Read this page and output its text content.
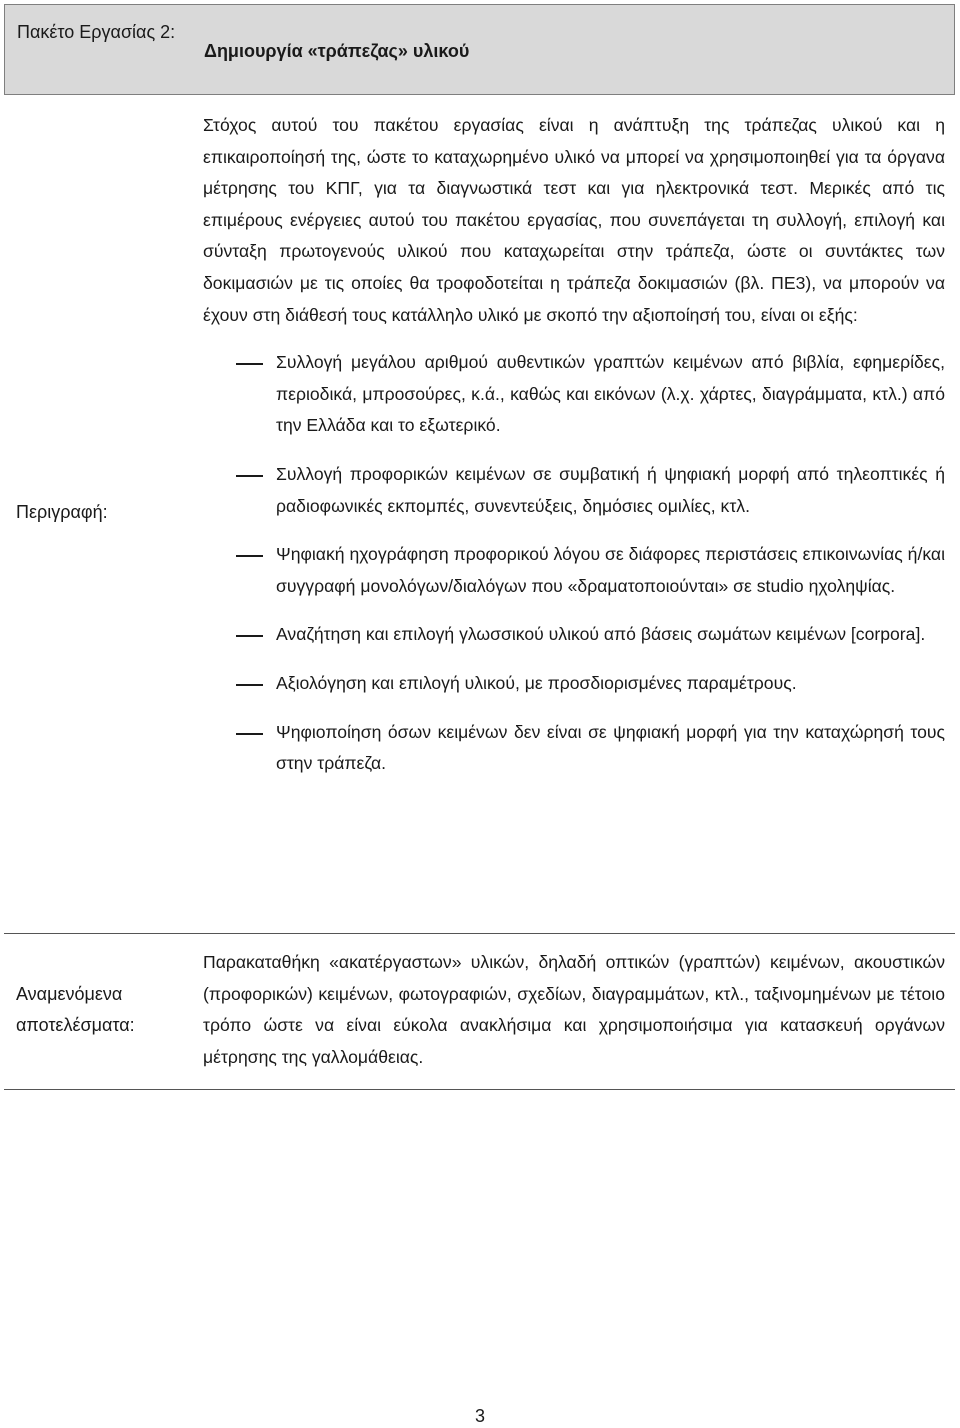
Πακέτο Εργασίας 2:
Δημιουργία «τράπεζας» υλικού
Περιγραφή:

Στόχος αυτού του πακέτου εργασίας είναι η ανάπτυξη της τράπεζας υλικού και η επικαιροποίησή της, ώστε το καταχωρημένο υλικό να μπορεί να χρησιμοποιηθεί για τα όργανα μέτρησης του ΚΠΓ, για τα διαγνωστικά τεστ και για ηλεκτρονικά τεστ. Μερικές από τις επιμέρους ενέργειες αυτού του πακέτου εργασίας, που συνεπάγεται τη συλλογή, επιλογή και σύνταξη πρωτογενούς υλικού που καταχωρείται στην τράπεζα, ώστε οι συντάκτες των δοκιμασιών με τις οποίες θα τροφοδοτείται η τράπεζα δοκιμασιών (βλ. ΠΕ3), να μπορούν να έχουν στη διάθεσή τους κατάλληλο υλικό με σκοπό την αξιοποίησή του, είναι οι εξής:

Συλλογή μεγάλου αριθμού αυθεντικών γραπτών κειμένων από βιβλία, εφημερίδες, περιοδικά, μπροσούρες, κ.ά., καθώς και εικόνων (λ.χ. χάρτες, διαγράμματα, κτλ.) από την Ελλάδα και το εξωτερικό.
Συλλογή προφορικών κειμένων σε συμβατική ή ψηφιακή μορφή από τηλεοπτικές ή ραδιοφωνικές εκπομπές, συνεντεύξεις, δημόσιες ομιλίες, κτλ.
Ψηφιακή ηχογράφηση προφορικού λόγου σε διάφορες περιστάσεις επικοινωνίας ή/και συγγραφή μονολόγων/διαλόγων που «δραματοποιούνται» σε studio ηχοληψίας.
Αναζήτηση και επιλογή γλωσσικού υλικού από βάσεις σωμάτων κειμένων [corpora].
Αξιολόγηση και επιλογή υλικού, με προσδιορισμένες παραμέτρους.
Ψηφιοποίηση όσων κειμένων δεν είναι σε ψηφιακή μορφή για την καταχώρησή τους στην τράπεζα.
Αναμενόμενα αποτελέσματα:

Παρακαταθήκη «ακατέργαστων» υλικών, δηλαδή οπτικών (γραπτών) κειμένων, ακουστικών (προφορικών) κειμένων, φωτογραφιών, σχεδίων, διαγραμμάτων, κτλ., ταξινομημένων με τέτοιο τρόπο ώστε να είναι εύκολα ανακλήσιμα και χρησιμοποιήσιμα για κατασκευή οργάνων μέτρησης της γαλλομάθειας.

3
